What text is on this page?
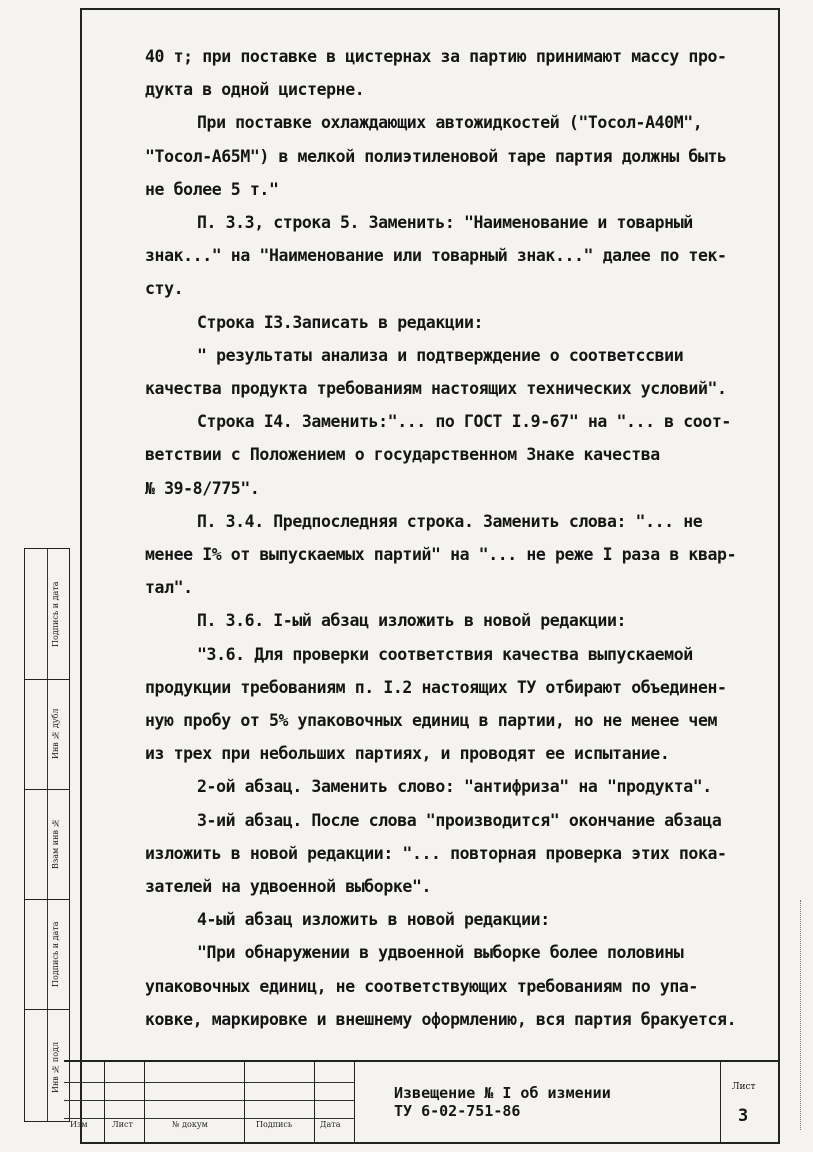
40 т; при поставке в цистернах за партию принимают массу про-
дукта в одной цистерне.
При поставке охлаждающих автожидкостей ("Тосол-А40М",
"Тосол-А65М") в мелкой полиэтиленовой таре партия должны быть
не более 5 т."
П. 3.3, строка 5. Заменить: "Наименование и товарный
знак..." на "Наименование или товарный знак..." далее по тек-
сту.
Строка I3.Записать в редакции:
" результаты анализа и подтверждение о соответсcвии
качества продукта требованиям настоящих технических условий".
Строка I4. Заменить:"... по ГОСТ I.9-67" на "... в соот-
ветствии с Положением о государственном Знаке качества
№ 39-8/775".
П. 3.4. Предпоследняя строка. Заменить слова: "... не
менее I% от выпускаемых партий" на "... не реже I раза в квар-
тал".
П. 3.6. I-ый абзац изложить в новой редакции:
"3.6. Для проверки соответствия качества выпускаемой
продукции требованиям п. I.2 настоящих ТУ отбирают объединен-
ную пробу от 5% упаковочных единиц в партии, но не менее чем
из трех при небольших партиях, и проводят ее испытание.
2-ой абзац. Заменить слово: "антифриза" на "продукта".
3-ий абзац. После слова "производится" окончание абзаца
изложить в новой редакции: "... повторная проверка этих пока-
зателей на удвоенной выборке".
4-ый абзац изложить в новой редакции:
"При обнаружении в удвоенной выборке более половины
упаковочных единиц, не соответствующих требованиям по упа-
ковке, маркировке и внешнему оформлению, вся партия бракуется.
Подпись и дата
Инв № дубл
Взам инв №
Подпись и дата
Инв № подл
Изм	Лист	№ докум	Подпись	Дата
Извещение № I об измении
ТУ 6-02-751-86
Лист
3
